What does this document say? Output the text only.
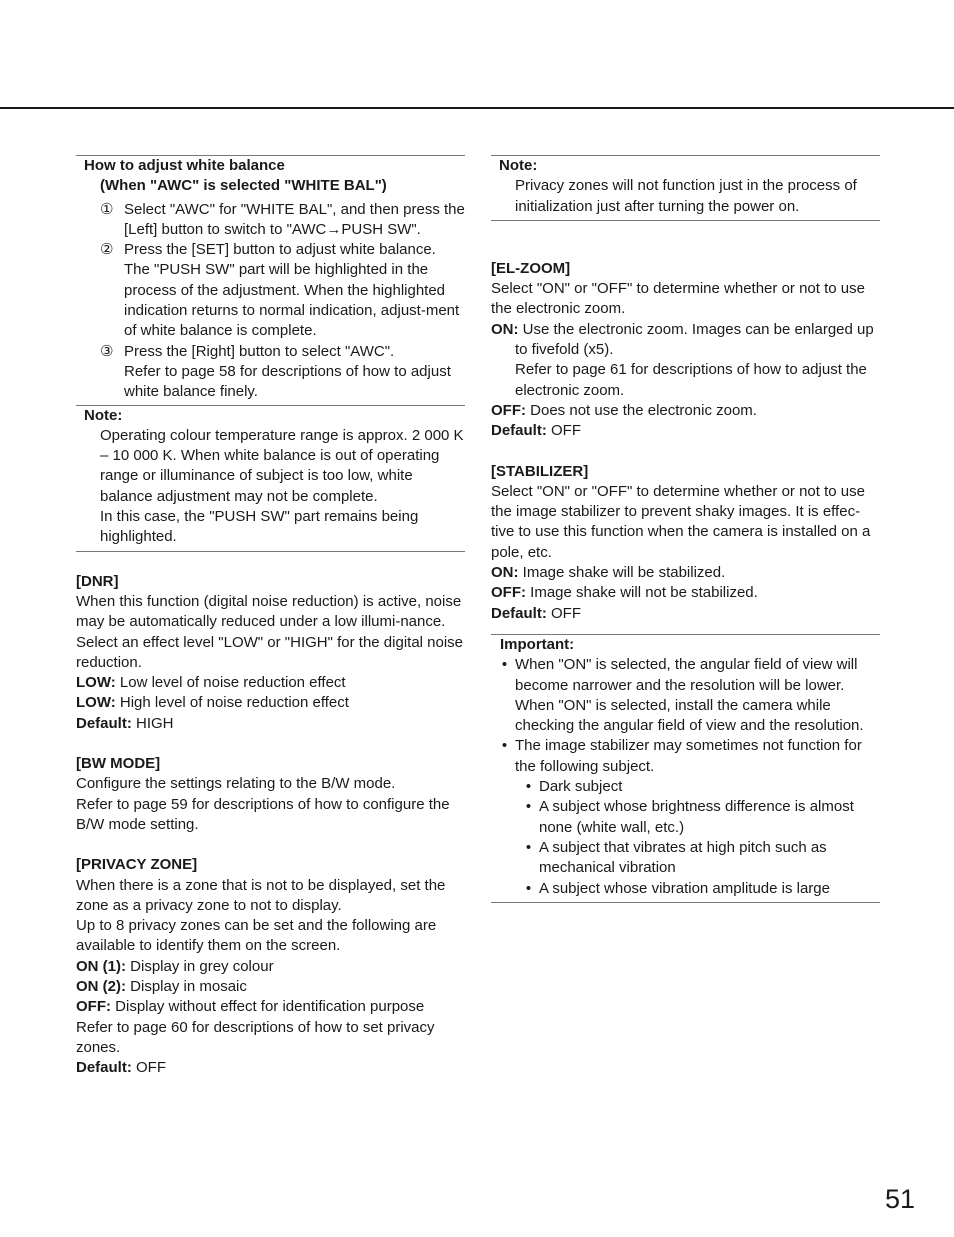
How to adjust white balance

(When "AWC" is selected "WHITE BAL")

① Select "AWC" for "WHITE BAL", and then press the [Left] button to switch to "AWC→PUSH SW".
② Press the [SET] button to adjust white balance. The "PUSH SW" part will be highlighted in the process of the adjustment. When the highlighted indication returns to normal indication, adjust-ment of white balance is complete.
③ Press the [Right] button to select "AWC".
Refer to page 58 for descriptions of how to adjust white balance finely.

Note:

Operating colour temperature range is approx. 2 000 K – 10 000 K. When white balance is out of operating range or illuminance of subject is too low, white balance adjustment may not be complete.

In this case, the "PUSH SW" part remains being highlighted.

[DNR]

When this function (digital noise reduction) is active, noise may be automatically reduced under a low illumi-nance. Select an effect level "LOW" or "HIGH" for the digital noise reduction.

LOW: Low level of noise reduction effect

LOW: High level of noise reduction effect

Default: HIGH

[BW MODE]

Configure the settings relating to the B/W mode.

Refer to page 59 for descriptions of how to configure the B/W mode setting.

[PRIVACY ZONE]

When there is a zone that is not to be displayed, set the zone as a privacy zone to not to display.

Up to 8 privacy zones can be set and the following are available to identify them on the screen.

ON (1): Display in grey colour

ON (2): Display in mosaic

OFF: Display without effect for identification purpose

Refer to page 60 for descriptions of how to set privacy zones.

Default: OFF

Note:

Privacy zones will not function just in the process of initialization just after turning the power on.

[EL-ZOOM]

Select "ON" or "OFF" to determine whether or not to use the electronic zoom.

ON: Use the electronic zoom. Images can be enlarged up to fivefold (x5).

Refer to page 61 for descriptions of how to adjust the electronic zoom.

OFF: Does not use the electronic zoom.

Default: OFF

[STABILIZER]

Select "ON" or "OFF" to determine whether or not to use the image stabilizer to prevent shaky images. It is effec-tive to use this function when the camera is installed on a pole, etc.

ON: Image shake will be stabilized.

OFF: Image shake will not be stabilized.

Default: OFF

Important:

• When "ON" is selected, the angular field of view will become narrower and the resolution will be lower. When "ON" is selected, install the camera while checking the angular field of view and the resolution.
• The image stabilizer may sometimes not function for the following subject.
• Dark subject
• A subject whose brightness difference is almost none (white wall, etc.)
• A subject that vibrates at high pitch such as mechanical vibration
• A subject whose vibration amplitude is large
51
